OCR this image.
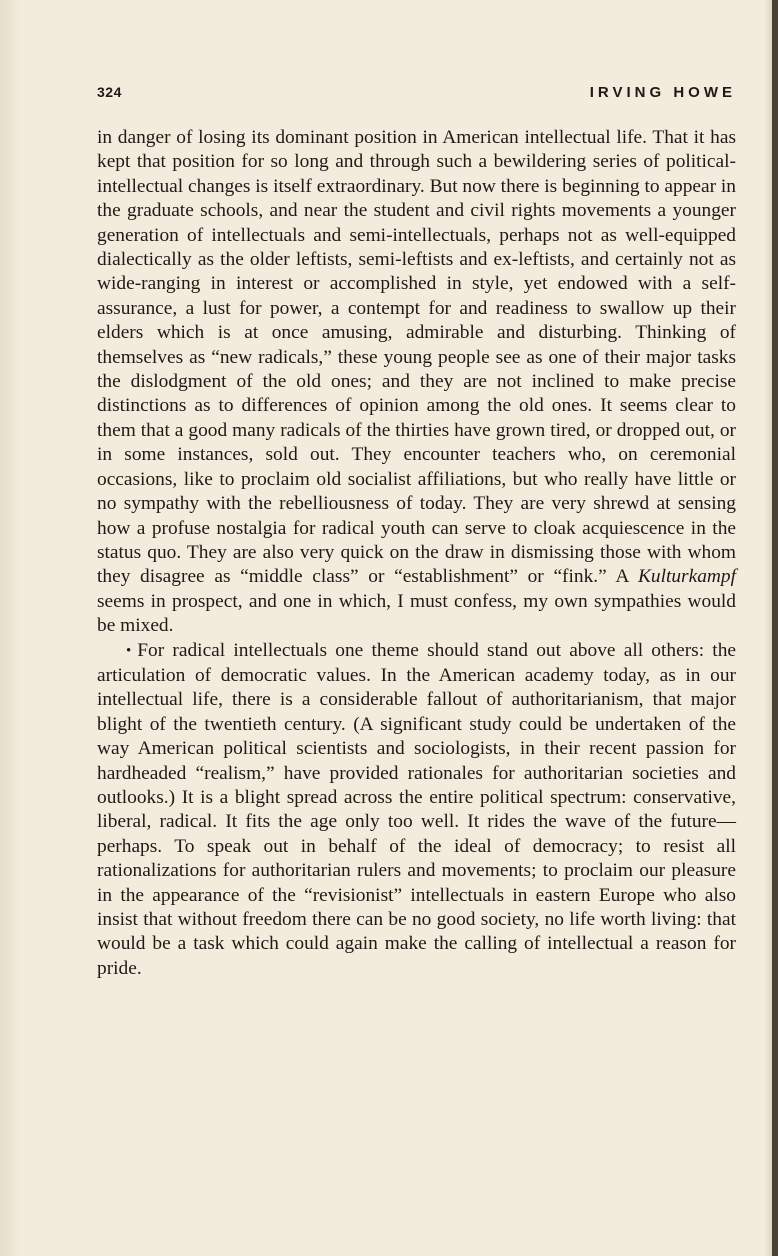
324	IRVING HOWE

in danger of losing its dominant position in American intellectual life. That it has kept that position for so long and through such a bewildering series of political-intellectual changes is itself extraordinary. But now there is beginning to appear in the graduate schools, and near the student and civil rights movements a younger generation of intellectuals and semi-intellectuals, perhaps not as well-equipped dialectically as the older leftists, semi-leftists and ex-leftists, and certainly not as wide-ranging in interest or accomplished in style, yet endowed with a self-assurance, a lust for power, a contempt for and readiness to swallow up their elders which is at once amusing, admirable and disturbing. Thinking of themselves as “new radicals,” these young people see as one of their major tasks the dislodgment of the old ones; and they are not inclined to make precise distinctions as to differences of opinion among the old ones. It seems clear to them that a good many radicals of the thirties have grown tired, or dropped out, or in some instances, sold out. They encounter teachers who, on ceremonial occasions, like to proclaim old socialist affiliations, but who really have little or no sympathy with the rebelliousness of today. They are very shrewd at sensing how a profuse nostalgia for radical youth can serve to cloak acquiescence in the status quo. They are also very quick on the draw in dismissing those with whom they disagree as “middle class” or “establishment” or “fink.” A Kulturkampf seems in prospect, and one in which, I must confess, my own sympathies would be mixed.

• For radical intellectuals one theme should stand out above all others: the articulation of democratic values. In the American academy today, as in our intellectual life, there is a considerable fallout of authoritarianism, that major blight of the twentieth century. (A significant study could be undertaken of the way American political scientists and sociologists, in their recent passion for hardheaded “realism,” have provided rationales for authoritarian societies and outlooks.) It is a blight spread across the entire political spectrum: conservative, liberal, radical. It fits the age only too well. It rides the wave of the future—perhaps. To speak out in behalf of the ideal of democracy; to resist all rationalizations for authoritarian rulers and movements; to proclaim our pleasure in the appearance of the “revisionist” intellectuals in eastern Europe who also insist that without freedom there can be no good society, no life worth living: that would be a task which could again make the calling of intellectual a reason for pride.
